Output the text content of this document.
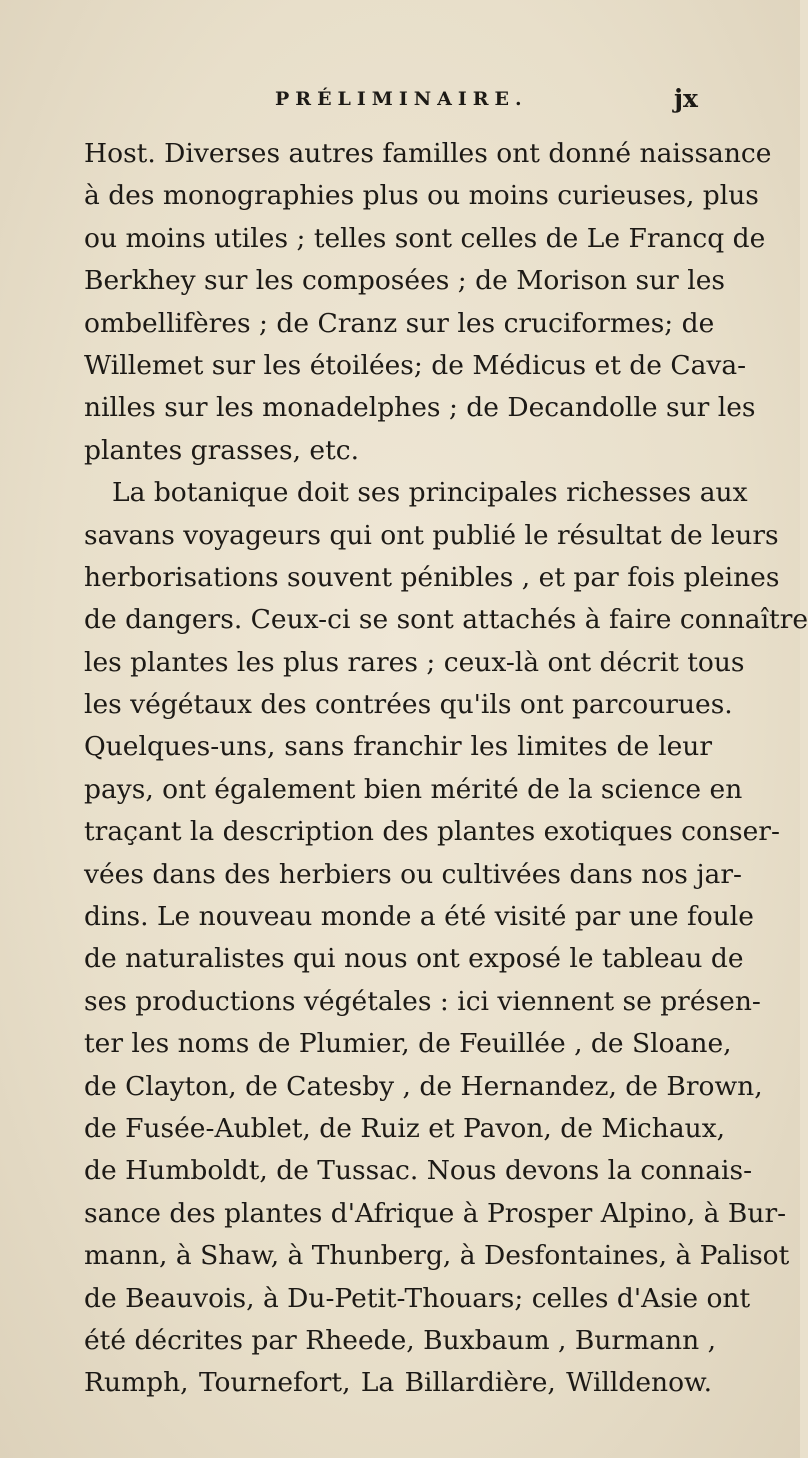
PRÉLIMINAIRE.	jx
Host. Diverses autres familles ont donné naissance
à des monographies plus ou moins curieuses, plus
ou moins utiles ; telles sont celles de Le Francq de
Berkhey sur les composées ; de Morison sur les
ombellifères ; de Cranz sur les cruciformes; de
Willemet sur les étoilées; de Médicus et de Cava-
nilles sur les monadelphes ; de Decandolle sur les
plantes grasses, etc.
La botanique doit ses principales richesses aux
savans voyageurs qui ont publié le résultat de leurs
herborisations souvent pénibles , et par fois pleines
de dangers. Ceux-ci se sont attachés à faire connaître
les plantes les plus rares ; ceux-là ont décrit tous
les végétaux des contrées qu'ils ont parcourues.
Quelques-uns, sans franchir les limites de leur
pays, ont également bien mérité de la science en
traçant la description des plantes exotiques conser-
vées dans des herbiers ou cultivées dans nos jar-
dins. Le nouveau monde a été visité par une foule
de naturalistes qui nous ont exposé le tableau de
ses productions végétales : ici viennent se présen-
ter les noms de Plumier, de Feuillée , de Sloane,
de Clayton, de Catesby , de Hernandez, de Brown,
de Fusée-Aublet, de Ruiz et Pavon, de Michaux,
de Humboldt, de Tussac. Nous devons la connais-
sance des plantes d'Afrique à Prosper Alpino, à Bur-
mann, à Shaw, à Thunberg, à Desfontaines, à Palisot
de Beauvois, à Du-Petit-Thouars; celles d'Asie ont
été décrites par Rheede, Buxbaum , Burmann ,
Rumph, Tournefort, La Billardière, Willdenow.
